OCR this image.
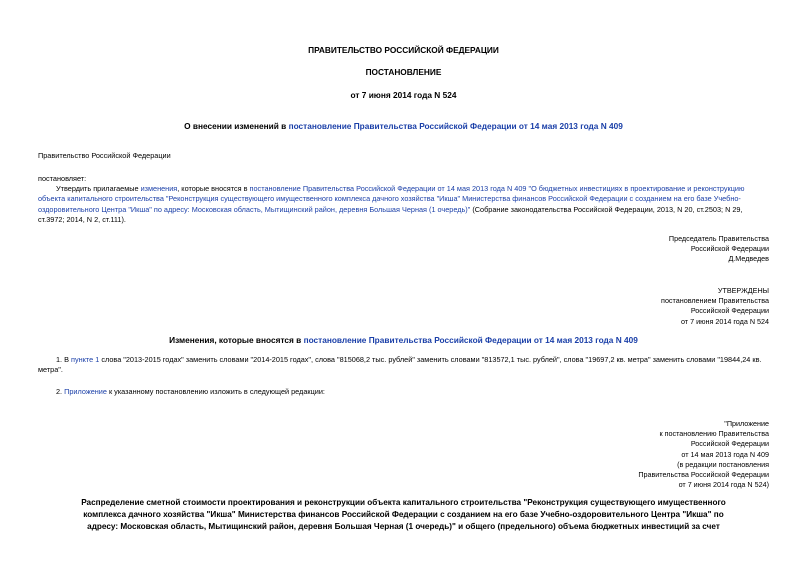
ПРАВИТЕЛЬСТВО РОССИЙСКОЙ ФЕДЕРАЦИИ
ПОСТАНОВЛЕНИЕ
от 7 июня 2014 года N 524
О внесении изменений в постановление Правительства Российской Федерации от 14 мая 2013 года N 409
Правительство Российской Федерации
постановляет:
Утвердить прилагаемые изменения, которые вносятся в постановление Правительства Российской Федерации от 14 мая 2013 года N 409 "О бюджетных инвестициях в проектирование и реконструкцию объекта капитального строительства "Реконструкция существующего имущественного комплекса дачного хозяйства "Икша" Министерства финансов Российской Федерации с созданием на его базе Учебно-оздоровительного Центра "Икша" по адресу: Московская область, Мытищинский район, деревня Большая Черная (1 очередь)" (Собрание законодательства Российской Федерации, 2013, N 20, ст.2503; N 29, ст.3972; 2014, N 2, ст.111).
Председатель Правительства
Российской Федерации
Д.Медведев
УТВЕРЖДЕНЫ
постановлением Правительства
Российской Федерации
от 7 июня 2014 года N 524
Изменения, которые вносятся в постановление Правительства Российской Федерации от 14 мая 2013 года N 409
1. В пункте 1 слова "2013-2015 годах" заменить словами "2014-2015 годах", слова "815068,2 тыс. рублей" заменить словами "813572,1 тыс. рублей", слова "19697,2 кв. метра" заменить словами "19844,24 кв. метра".
2. Приложение к указанному постановлению изложить в следующей редакции:
"Приложение
к постановлению Правительства
Российской Федерации
от 14 мая 2013 года N 409
(в редакции постановления
Правительства Российской Федерации
от 7 июня 2014 года N 524)
Распределение сметной стоимости проектирования и реконструкции объекта капитального строительства "Реконструкция существующего имущественного
комплекса дачного хозяйства "Икша" Министерства финансов Российской Федерации с созданием на его базе Учебно-оздоровительного Центра "Икша" по
адресу: Московская область, Мытищинский район, деревня Большая Черная (1 очередь)" и общего (предельного) объема бюджетных инвестиций за счет
